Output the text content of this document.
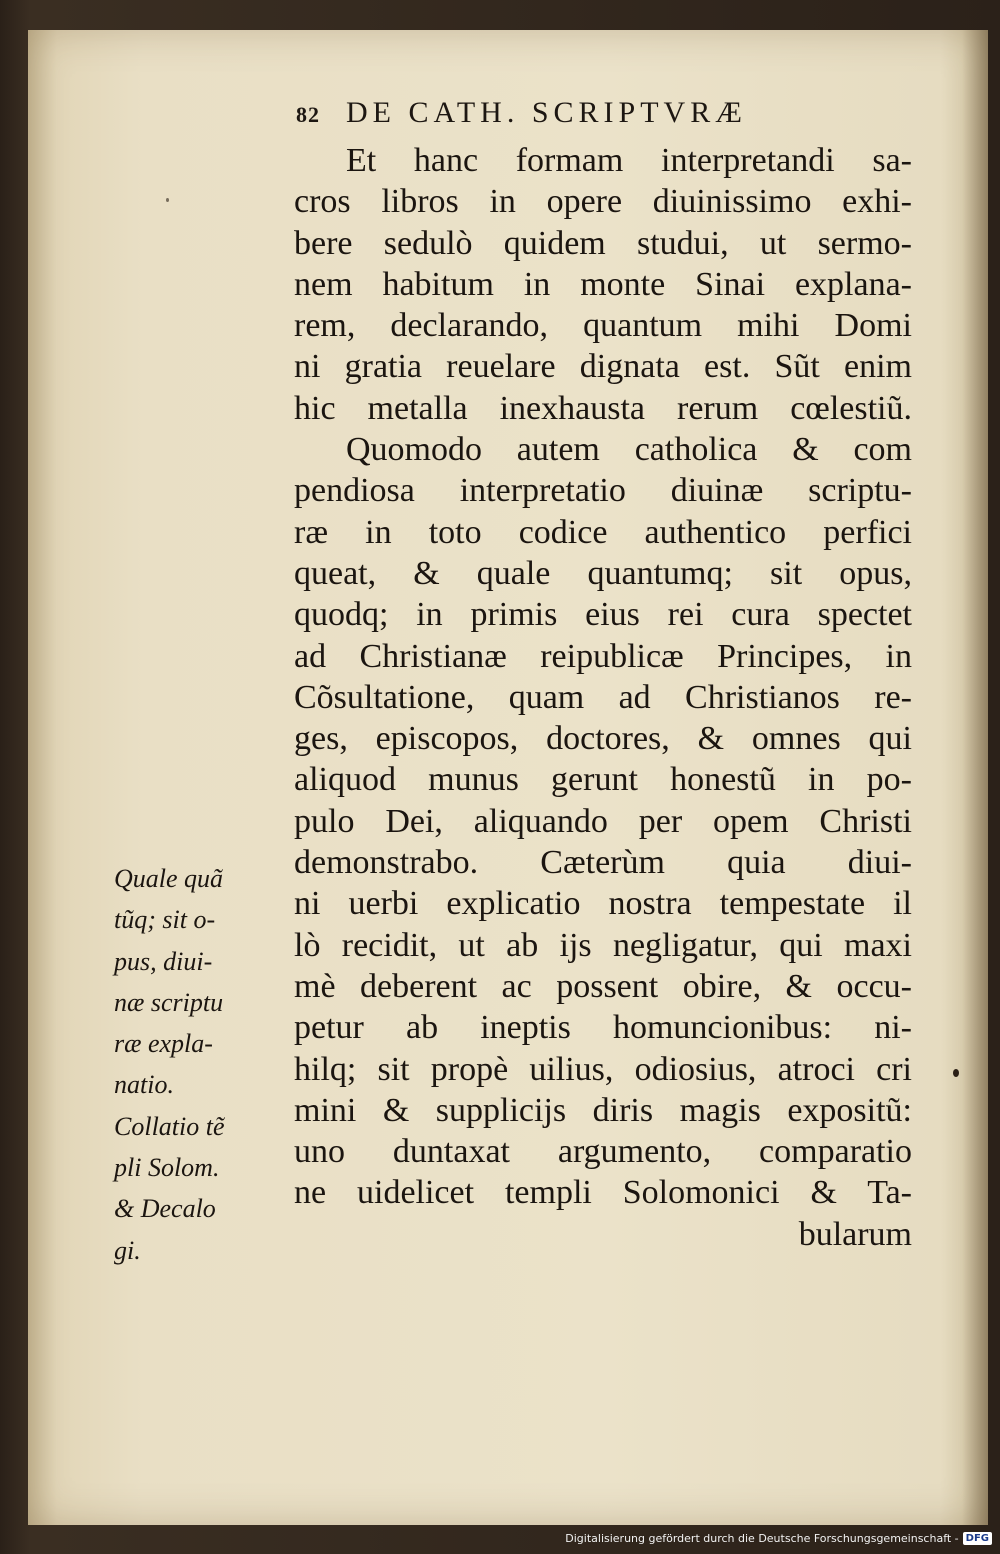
82 DE CATH. SCRIPTVRÆ
Et hanc formam interpretandi sa-
cros libros in opere diuinissimo exhi-
bere sedulò quidem studui, ut sermo-
nem habitum in monte Sinai explana-
rem, declarando, quantum mihi Domi
ni gratia reuelare dignata est. Sũt enim
hic metalla inexhausta rerum cœlestiũ.
Quomodo autem catholica & com
pendiosa interpretatio diuinæ scriptu-
ræ in toto codice authentico perfici
queat, & quale quantumq; sit opus,
quodq; in primis eius rei cura spectet
ad Christianæ reipublicæ Principes, in
Cõsultatione, quam ad Christianos re-
ges, episcopos, doctores, & omnes qui
aliquod munus gerunt honestũ in po-
pulo Dei, aliquando per opem Christi
demonstrabo. Cæterùm quia diui-
ni uerbi explicatio nostra tempestate il
lò recidit, ut ab ijs negligatur, qui maxi
mè deberent ac possent obire, & occu-
petur ab ineptis homuncionibus: ni-
hilq; sit propè uilius, odiosius, atroci cri
mini & supplicijs diris magis expositũ:
uno duntaxat argumento, comparatio
ne uidelicet templi Solomonici & Ta-
bularum
Quale quã
tũq; sit o-
pus, diui-
næ scriptu
ræ expla-
natio.
Collatio tẽ
pli Solom.
& Decalo
gi.
Digitalisierung gefördert durch die Deutsche Forschungsgemeinschaft - DFG
